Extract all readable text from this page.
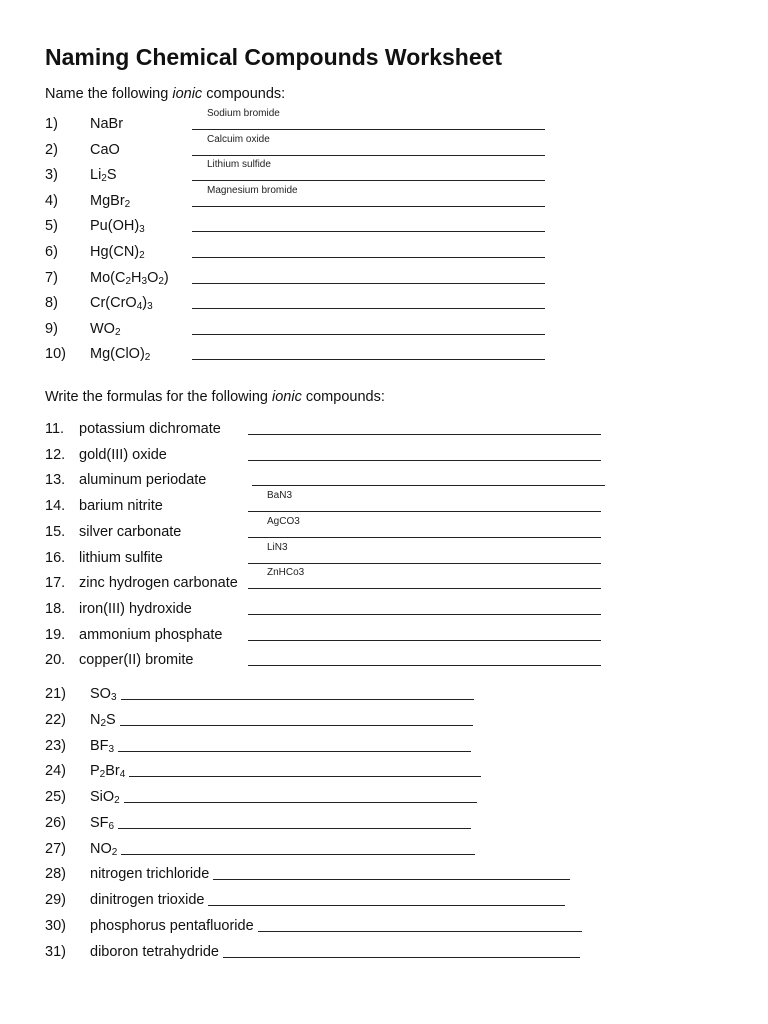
Naming Chemical Compounds Worksheet
Name the following ionic compounds:
1) NaBr
Sodium bromide
2) CaO
Calcuim oxide
3) $Li_2S$
Lithium sulfide
4) MgBr$_2$
Magnesium bromide
5) $Pu(OH)_3$
6) $Hg(CN)_2$
7) $Mo(C_2H_3O_2)$
8) $Cr(CrO_4)_3$
9) $WO_2$
10) $Mg(ClO)_2$
Write the formulas for the following ionic compounds:
11. potassium dichromate
12. gold(III) oxide
13. aluminum periodate
14. barium nitrite
BaN3
15. silver carbonate
AgCO3
16. lithium sulfite
LiN3
17. zinc hydrogen carbonate
ZnHCo3
18. iron(III) hydroxide
19. ammonium phosphate
20. copper(II) bromite
21) $SO_3$
22) $N_2S$
23) $BF_3$
24) $P_2Br_4$
25) SiO$_2$
26) $SF_6$
27) $NO_2$
28) nitrogen trichloride
29) dinitrogen trioxide
30) phosphorus pentafluoride
31) diboron tetrahydride
